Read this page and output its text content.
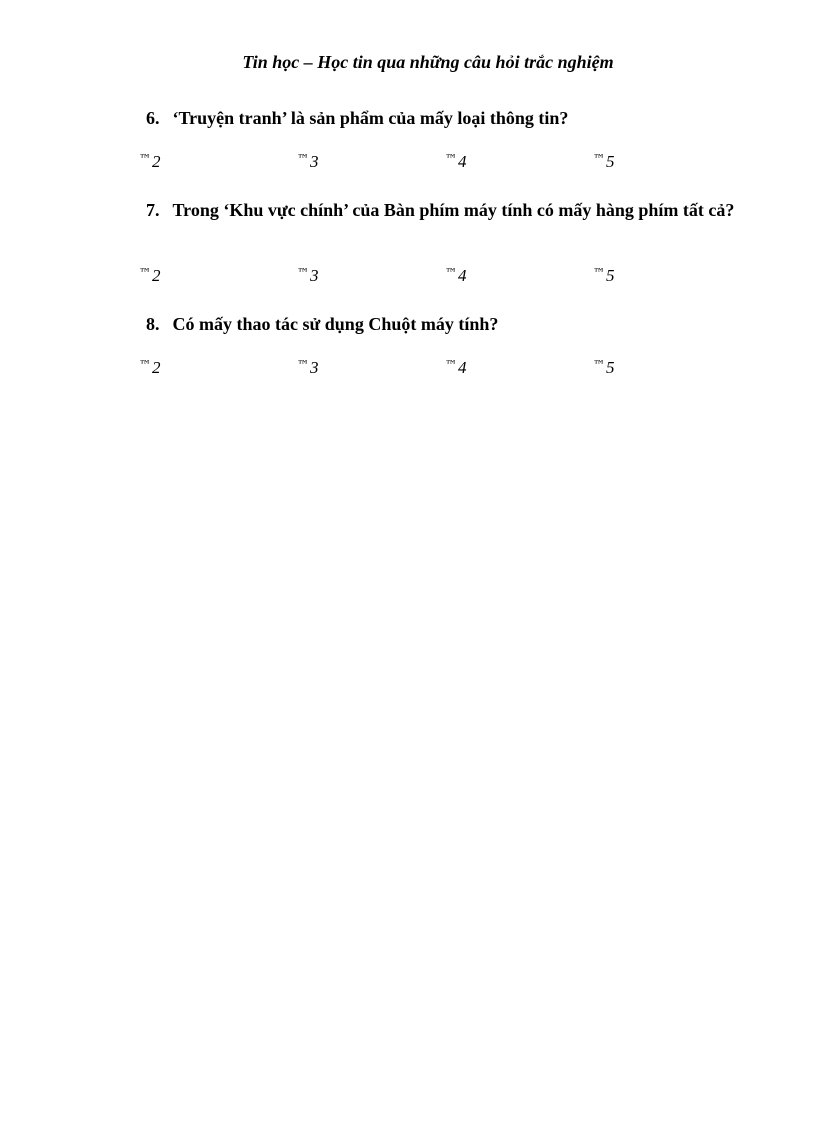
Tin học – Học tin qua những câu hỏi trắc nghiệm
6. ‘Truyện tranh’ là sản phẩm của mấy loại thông tin?
™2	™3	™4	™5
7. Trong ‘Khu vực chính’ của Bàn phím máy tính có mấy hàng phím tất cả?
™2	™3	™4	™5
8. Có mấy thao tác sử dụng Chuột máy tính?
™2	™3	™4	™5
